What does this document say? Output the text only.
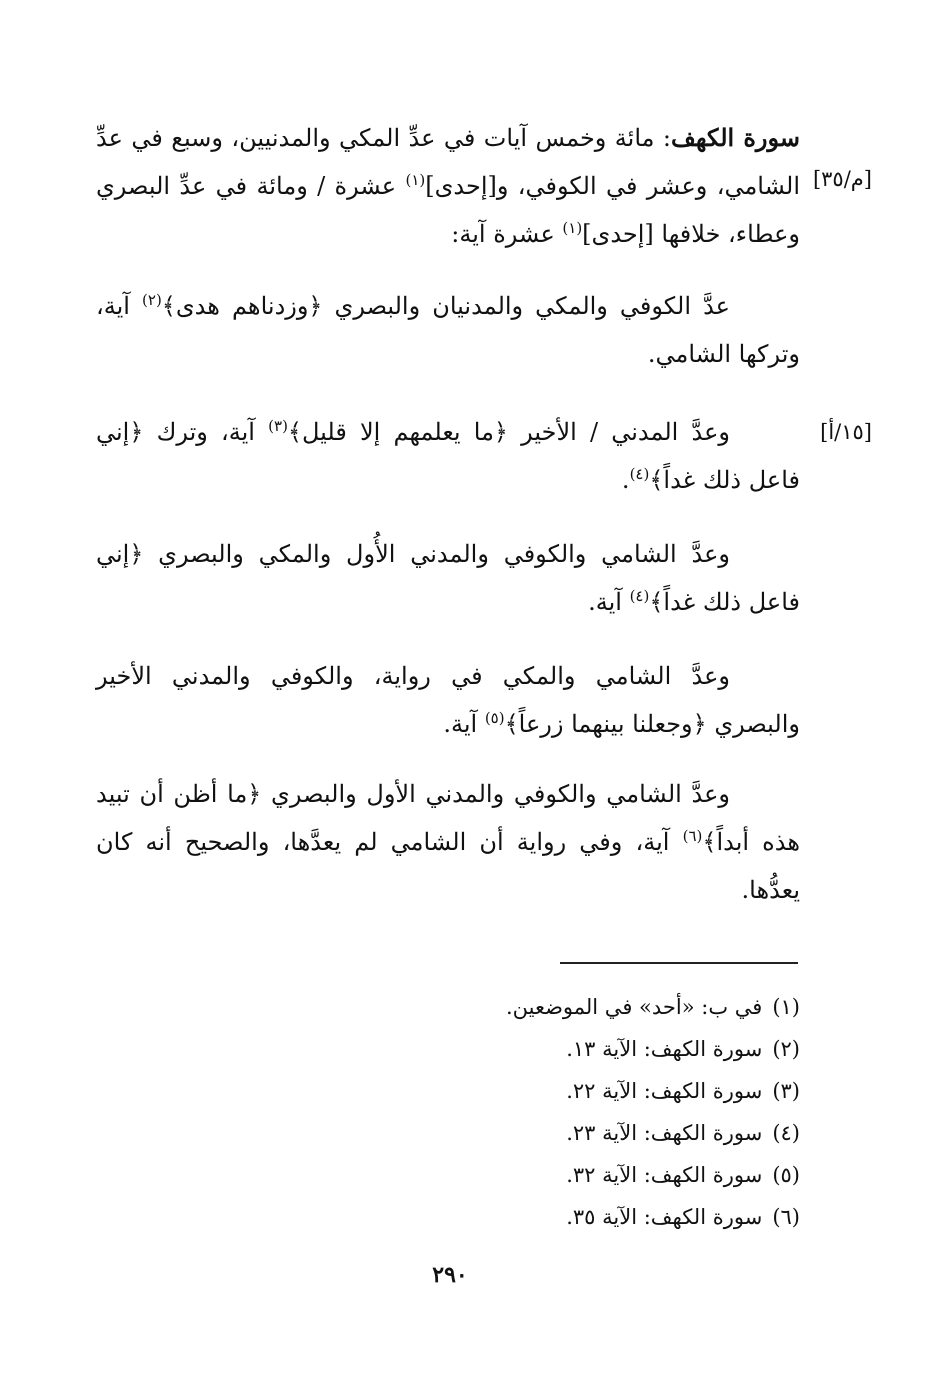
سورة الكهف: مائة وخمس آيات في عدِّ المكي والمدنيين، وسبع في عدِّ الشامي، وعشر في الكوفي، و[إحدى]$^{(١)}$ عشرة / ومائة في عدِّ البصري وعطاء، خلافها [إحدى]$^{(١)}$ عشرة آية:

[م/٣٥]

عدَّ الكوفي والمكي والمدنيان والبصري ﴿وزدناهم هدى﴾$^{(٢)}$ آية، وتركها الشامي.

وعدَّ المدني / الأخير ﴿ما يعلمهم إلا قليل﴾$^{(٣)}$ آية، وترك ﴿إني فاعل ذلك غداً﴾$^{(٤)}$.

[١٥/أ]

وعدَّ الشامي والكوفي والمدني الأُول والمكي والبصري ﴿إني فاعل ذلك غداً﴾$^{(٤)}$ آية.

وعدَّ الشامي والمكي في رواية، والكوفي والمدني الأخير والبصري ﴿وجعلنا بينهما زرعاً﴾$^{(٥)}$ آية.

وعدَّ الشامي والكوفي والمدني الأول والبصري ﴿ما أظن أن تبيد هذه أبداً﴾$^{(٦)}$ آية، وفي رواية أن الشامي لم يعدَّها، والصحيح أنه كان يعدُّها.

(١)في ب: «أحد» في الموضعين.

(٢)سورة الكهف: الآية ١٣.

(٣)سورة الكهف: الآية ٢٢.

(٤)سورة الكهف: الآية ٢٣.

(٥)سورة الكهف: الآية ٣٢.

(٦)سورة الكهف: الآية ٣٥.

٢٩٠
